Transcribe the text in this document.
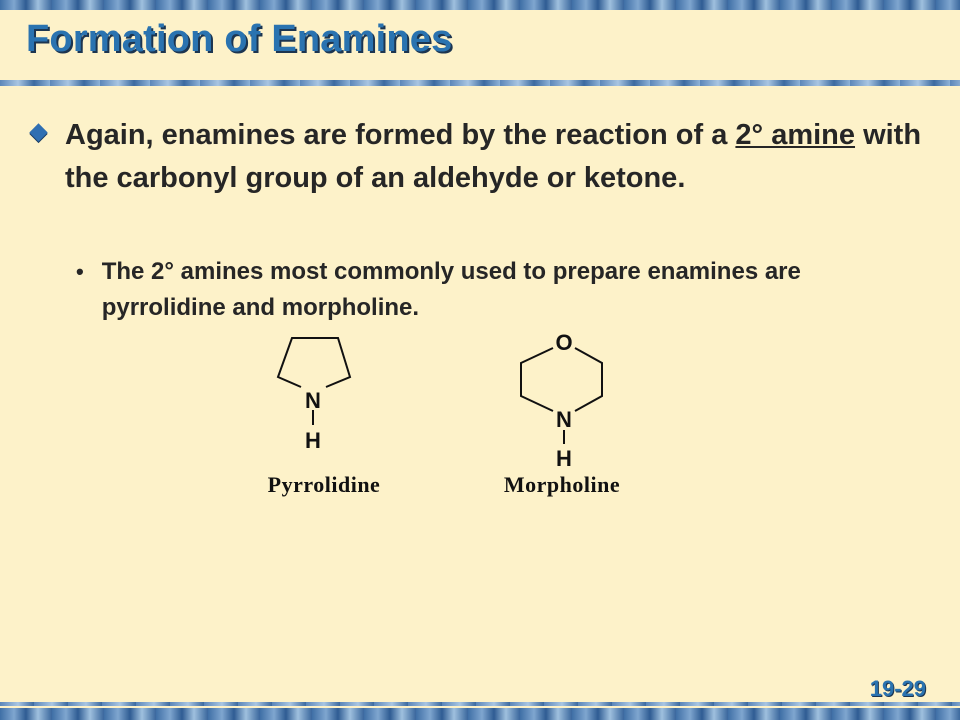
Formation of Enamines
Again, enamines are formed by the reaction of a 2° amine with the carbonyl group of an aldehyde or ketone.
• The 2° amines most commonly used to prepare enamines are pyrrolidine and morpholine.
N
H
Pyrrolidine
O
N
H
Morpholine
19-29
